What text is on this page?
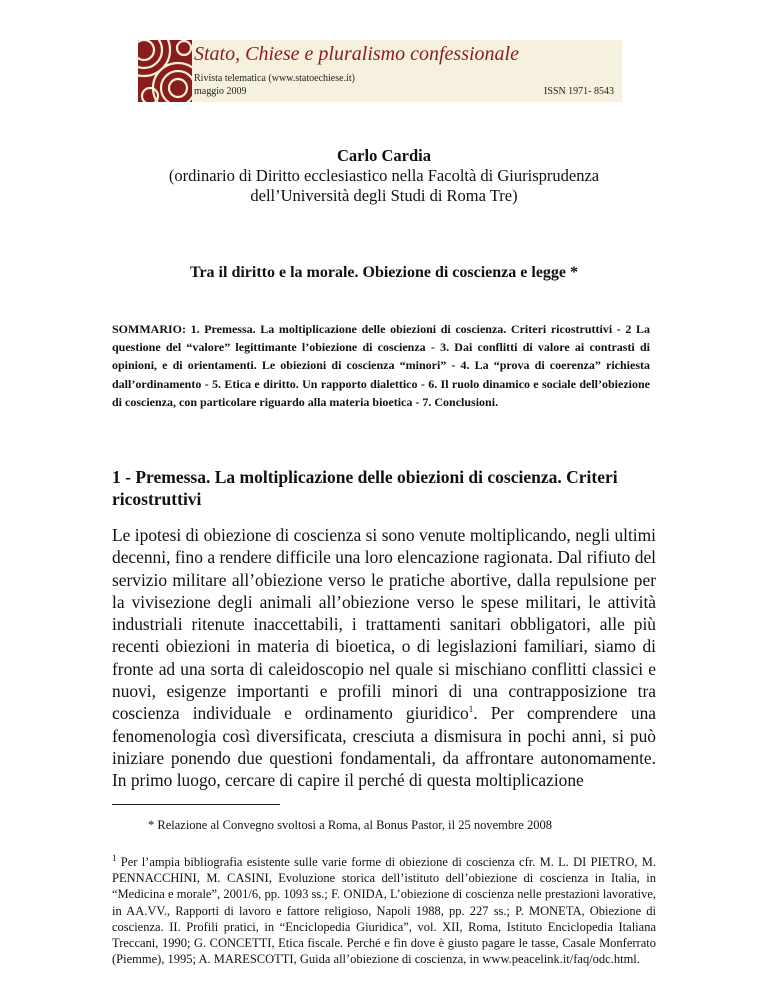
Stato, Chiese e pluralismo confessionale
Rivista telematica (www.statoechiese.it)
maggio 2009	ISSN 1971- 8543
Carlo Cardia
(ordinario di Diritto ecclesiastico nella Facoltà di Giurisprudenza
dell’Università degli Studi di Roma Tre)
Tra il diritto e la morale. Obiezione di coscienza e legge *
SOMMARIO: 1. Premessa. La moltiplicazione delle obiezioni di coscienza. Criteri ricostruttivi - 2 La questione del “valore” legittimante l’obiezione di coscienza - 3. Dai conflitti di valore ai contrasti di opinioni, e di orientamenti. Le obiezioni di coscienza “minori” - 4. La “prova di coerenza” richiesta dall’ordinamento - 5. Etica e diritto. Un rapporto dialettico - 6. Il ruolo dinamico e sociale dell’obiezione di coscienza, con particolare riguardo alla materia bioetica - 7. Conclusioni.
1 - Premessa. La moltiplicazione delle obiezioni di coscienza. Criteri ricostruttivi
Le ipotesi di obiezione di coscienza si sono venute moltiplicando, negli ultimi decenni, fino a rendere difficile una loro elencazione ragionata. Dal rifiuto del servizio militare all’obiezione verso le pratiche abortive, dalla repulsione per la vivisezione degli animali all’obiezione verso le spese militari, le attività industriali ritenute inaccettabili, i trattamenti sanitari obbligatori, alle più recenti obiezioni in materia di bioetica, o di legislazioni familiari, siamo di fronte ad una sorta di caleidoscopio nel quale si mischiano conflitti classici e nuovi, esigenze importanti e profili minori di una contrapposizione tra coscienza individuale e ordinamento giuridico$^1$. Per comprendere una fenomenologia così diversificata, cresciuta a dismisura in pochi anni, si può iniziare ponendo due questioni fondamentali, da affrontare autonomamente. In primo luogo, cercare di capire il perché di questa moltiplicazione
* Relazione al Convegno svoltosi a Roma, al Bonus Pastor, il 25 novembre 2008
$^1$ Per l’ampia bibliografia esistente sulle varie forme di obiezione di coscienza cfr. M. L. DI PIETRO, M. PENNACCHINI, M. CASINI, Evoluzione storica dell’istituto dell’obiezione di coscienza in Italia, in “Medicina e morale”, 2001/6, pp. 1093 ss.; F. ONIDA, L’obiezione di coscienza nelle prestazioni lavorative, in AA.VV., Rapporti di lavoro e fattore religioso, Napoli 1988, pp. 227 ss.; P. MONETA, Obiezione di coscienza. II. Profili pratici, in “Enciclopedia Giuridica”, vol. XII, Roma, Istituto Enciclopedia Italiana Treccani, 1990; G. CONCETTI, Etica fiscale. Perché e fin dove è giusto pagare le tasse, Casale Monferrato (Piemme), 1995; A. MARESCOTTI, Guida all’obiezione di coscienza, in www.peacelink.it/faq/odc.html.
